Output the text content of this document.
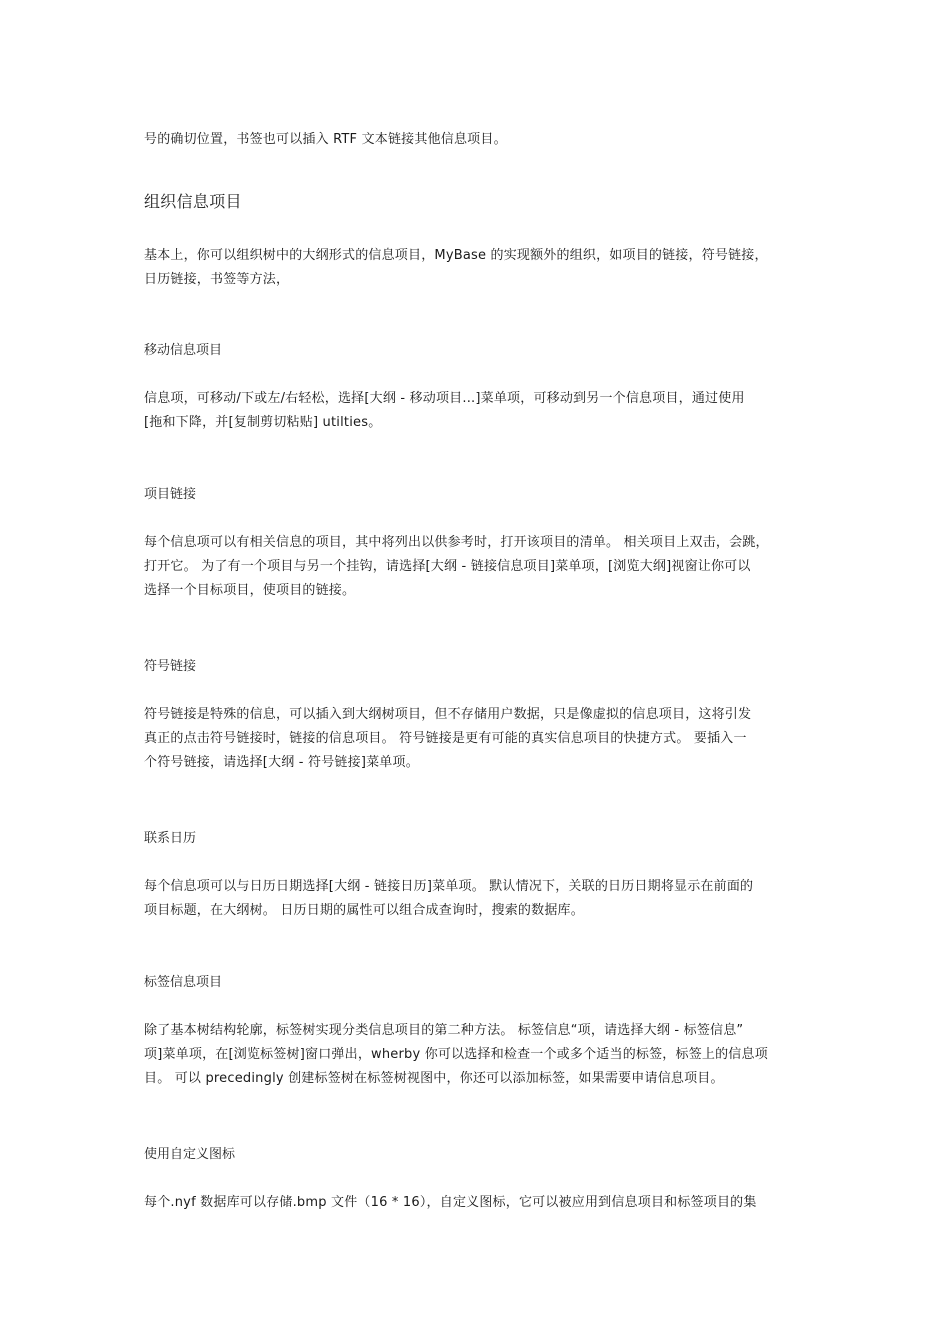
号的确切位置，书签也可以插入 RTF 文本链接其他信息项目。
组织信息项目
基本上，你可以组织树中的大纲形式的信息项目，MyBase 的实现额外的组织，如项目的链接，符号链接，
日历链接，书签等方法，
移动信息项目
信息项，可移动/下或左/右轻松，选择[大纲 - 移动项目...]菜单项，可移动到另一个信息项目，通过使用
[拖和下降，并[复制剪切粘贴] utilties。
项目链接
每个信息项可以有相关信息的项目，其中将列出以供参考时，打开该项目的清单。 相关项目上双击，会跳，
打开它。 为了有一个项目与另一个挂钩，请选择[大纲 - 链接信息项目]菜单项，[浏览大纲]视窗让你可以
选择一个目标项目，使项目的链接。
符号链接
符号链接是特殊的信息，可以插入到大纲树项目，但不存储用户数据，只是像虚拟的信息项目，这将引发
真正的点击符号链接时，链接的信息项目。 符号链接是更有可能的真实信息项目的快捷方式。 要插入一
个符号链接，请选择[大纲 - 符号链接]菜单项。
联系日历
每个信息项可以与日历日期选择[大纲 - 链接日历]菜单项。 默认情况下，关联的日历日期将显示在前面的
项目标题，在大纲树。 日历日期的属性可以组合成查询时，搜索的数据库。
标签信息项目
除了基本树结构轮廓，标签树实现分类信息项目的第二种方法。 标签信息“项，请选择大纲 - 标签信息”
项]菜单项，在[浏览标签树]窗口弹出，wherby 你可以选择和检查一个或多个适当的标签，标签上的信息项
目。 可以 precedingly 创建标签树在标签树视图中，你还可以添加标签，如果需要申请信息项目。
使用自定义图标
每个.nyf 数据库可以存储.bmp 文件（16 * 16），自定义图标，它可以被应用到信息项目和标签项目的集
